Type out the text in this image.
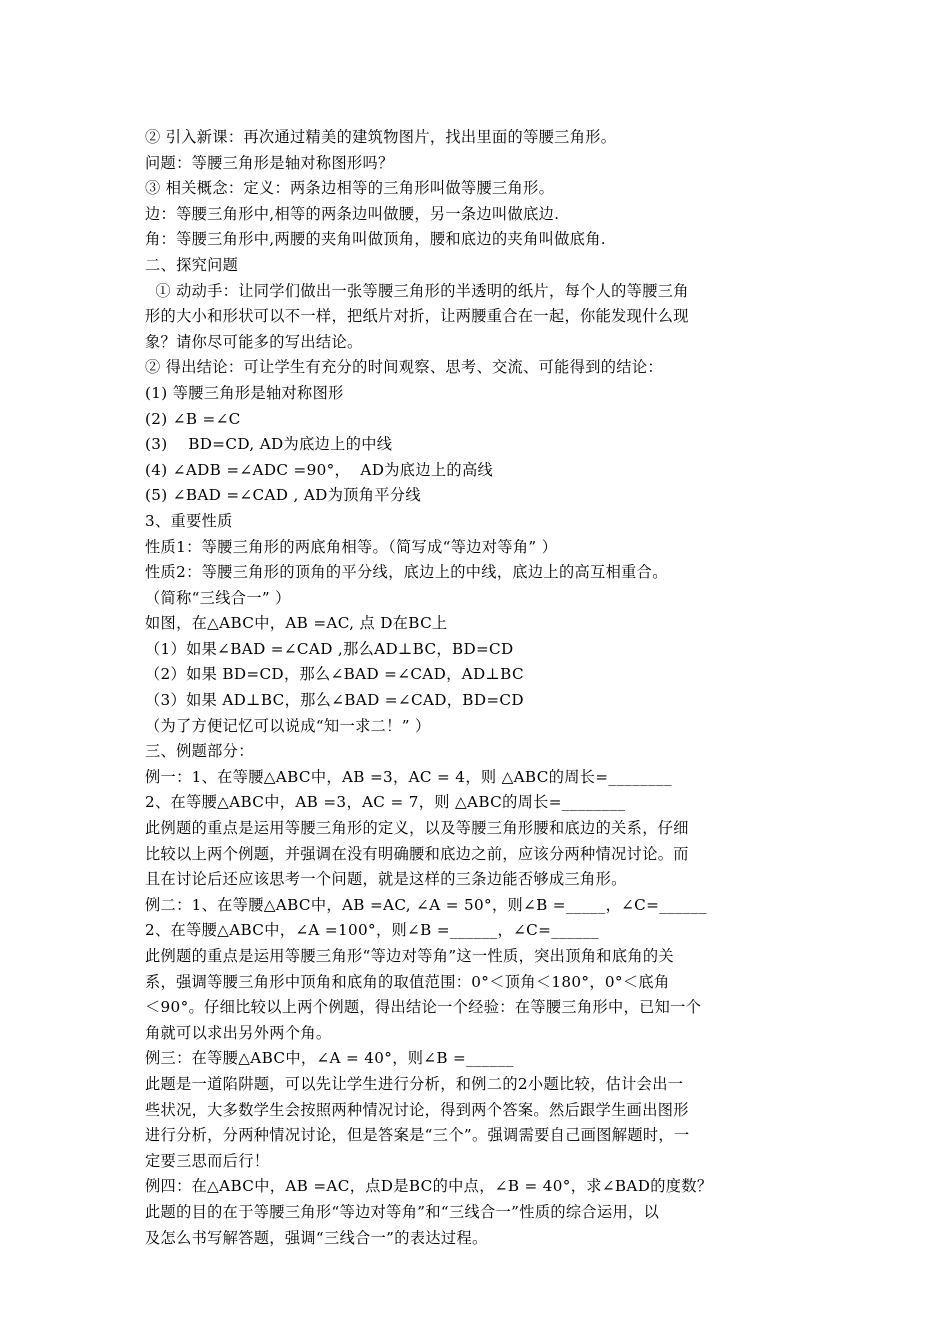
② 引入新课：再次通过精美的建筑物图片，找出里面的等腰三角形。
问题：等腰三角形是轴对称图形吗？
③ 相关概念：定义：两条边相等的三角形叫做等腰三角形。
边：等腰三角形中,相等的两条边叫做腰，另一条边叫做底边.
角：等腰三角形中,两腰的夹角叫做顶角，腰和底边的夹角叫做底角.
二、探究问题
① 动动手：让同学们做出一张等腰三角形的半透明的纸片，每个人的等腰三角
形的大小和形状可以不一样，把纸片对折，让两腰重合在一起，你能发现什么现
象？请你尽可能多的写出结论。
② 得出结论：可让学生有充分的时间观察、思考、交流、可能得到的结论：
(1) 等腰三角形是轴对称图形
(2) ∠B =∠C
(3)    BD=CD, AD为底边上的中线
(4) ∠ADB =∠ADC =90°，  AD为底边上的高线
(5) ∠BAD =∠CAD , AD为顶角平分线
3、重要性质
性质1：等腰三角形的两底角相等。（简写成“等边对等角” ）
性质2：等腰三角形的顶角的平分线，底边上的中线，底边上的高互相重合。
（简称“三线合一” ）
如图，在△ABC中，AB =AC, 点 D在BC上
（1）如果∠BAD =∠CAD ,那么AD⊥BC，BD=CD
（2）如果 BD=CD，那么∠BAD =∠CAD，AD⊥BC
（3）如果 AD⊥BC，那么∠BAD =∠CAD，BD=CD
（为了方便记忆可以说成“知一求二！” ）
三、例题部分：
例一：1、在等腰△ABC中，AB =3，AC = 4，则 △ABC的周长=________
2、在等腰△ABC中，AB =3，AC = 7，则 △ABC的周长=________
此例题的重点是运用等腰三角形的定义，以及等腰三角形腰和底边的关系，仔细
比较以上两个例题，并强调在没有明确腰和底边之前，应该分两种情况讨论。而
且在讨论后还应该思考一个问题，就是这样的三条边能否够成三角形。
例二：1、在等腰△ABC中，AB =AC, ∠A = 50°，则∠B =_____，∠C=______
2、在等腰△ABC中，∠A =100°，则∠B =______，∠C=______
此例题的重点是运用等腰三角形“等边对等角”这一性质，突出顶角和底角的关
系，强调等腰三角形中顶角和底角的取值范围：0°＜顶角＜180°，0°＜底角
＜90°。仔细比较以上两个例题，得出结论一个经验：在等腰三角形中，已知一个
角就可以求出另外两个角。
例三：在等腰△ABC中，∠A = 40°，则∠B =______
此题是一道陷阱题，可以先让学生进行分析，和例二的2小题比较，估计会出一
些状况，大多数学生会按照两种情况讨论，得到两个答案。然后跟学生画出图形
进行分析，分两种情况讨论，但是答案是“三个”。强调需要自己画图解题时，一
定要三思而后行！
例四：在△ABC中，AB =AC，点D是BC的中点，∠B = 40°，求∠BAD的度数？
此题的目的在于等腰三角形“等边对等角”和“三线合一”性质的综合运用，以
及怎么书写解答题，强调“三线合一”的表达过程。
